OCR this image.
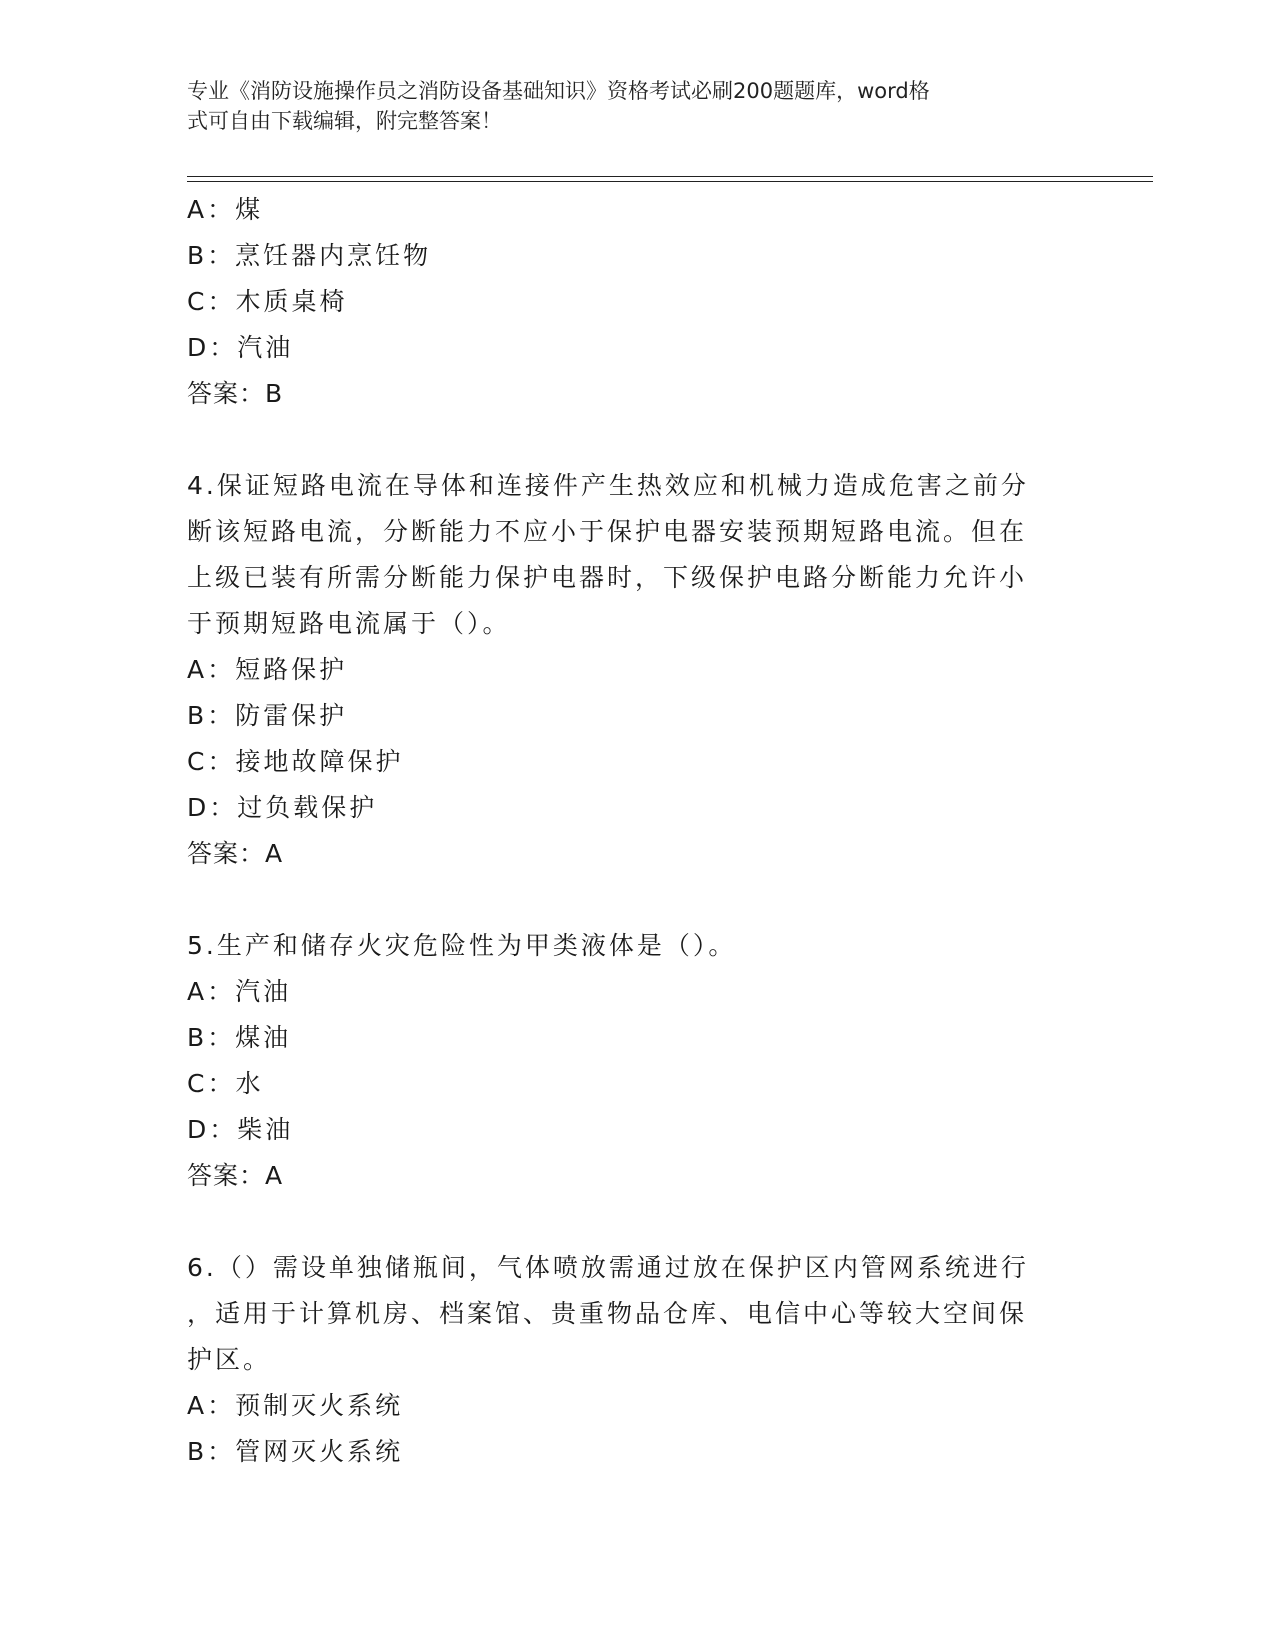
专业《消防设施操作员之消防设备基础知识》资格考试必刷200题题库，word格
式可自由下载编辑，附完整答案！
A：煤
B：烹饪器内烹饪物
C：木质桌椅
D：汽油
答案：B
4.保证短路电流在导体和连接件产生热效应和机械力造成危害之前分
断该短路电流，分断能力不应小于保护电器安装预期短路电流。但在
上级已装有所需分断能力保护电器时，下级保护电路分断能力允许小
于预期短路电流属于（）。
A：短路保护
B：防雷保护
C：接地故障保护
D：过负载保护
答案：A
5.生产和储存火灾危险性为甲类液体是（）。
A：汽油
B：煤油
C：水
D：柴油
答案：A
6.（）需设单独储瓶间，气体喷放需通过放在保护区内管网系统进行
，适用于计算机房、档案馆、贵重物品仓库、电信中心等较大空间保
护区。
A：预制灭火系统
B：管网灭火系统
